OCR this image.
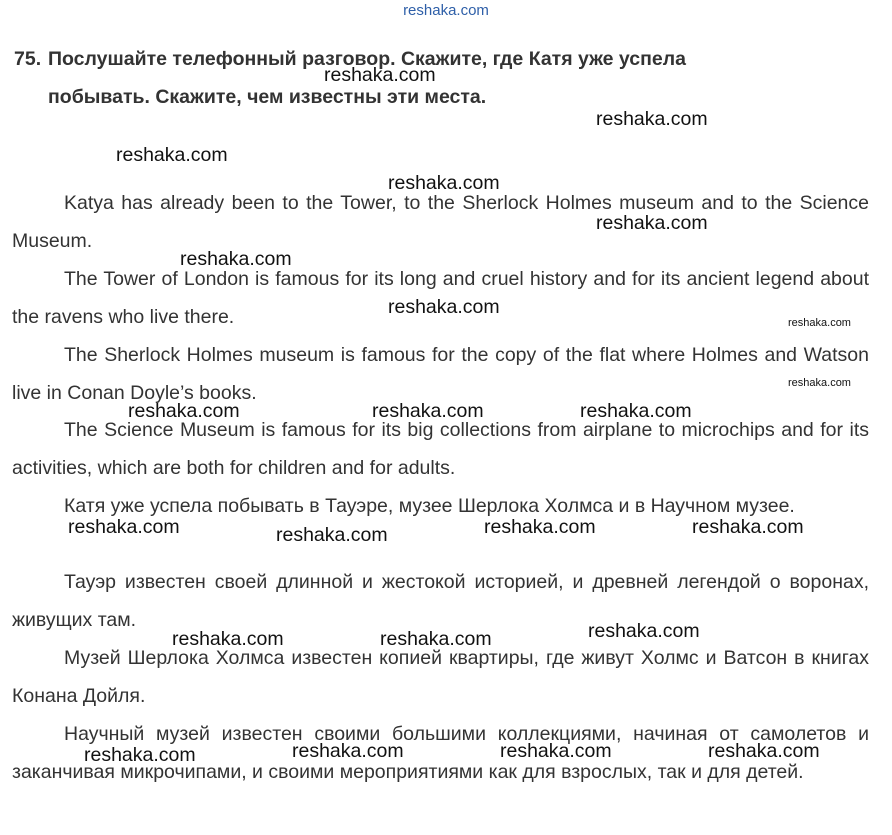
reshaka.com
75. Послушайте телефонный разговор. Скажите, где Катя уже успела
побывать. Скажите, чем известны эти места.

Katya has already been to the Tower, to the Sherlock Holmes museum and to the Science Museum.

The Tower of London is famous for its long and cruel history and for its ancient legend about the ravens who live there.

The Sherlock Holmes museum is famous for the copy of the flat where Holmes and Watson live in Conan Doyle’s books.

The Science Museum is famous for its big collections from airplane to microchips and for its activities, which are both for children and for adults.

Катя уже успела побывать в Тауэре, музее Шерлока Холмса и в Научном музее.

Тауэр известен своей длинной и жестокой историей, и древней легендой о воронах, живущих там.

Музей Шерлока Холмса известен копией квартиры, где живут Холмс и Ватсон в книгах Конана Дойля.

Научный музей известен своими большими коллекциями, начиная от самолетов и заканчивая микрочипами, и своими мероприятиями как для взрослых, так и для детей.

reshaka.com
reshaka.com
reshaka.com
reshaka.com
reshaka.com
reshaka.com
reshaka.com
reshaka.com
reshaka.com
reshaka.com	reshaka.com	reshaka.com
reshaka.com	reshaka.com	reshaka.com	reshaka.com
reshaka.com	reshaka.com	reshaka.com
reshaka.com	reshaka.com	reshaka.com	reshaka.com
